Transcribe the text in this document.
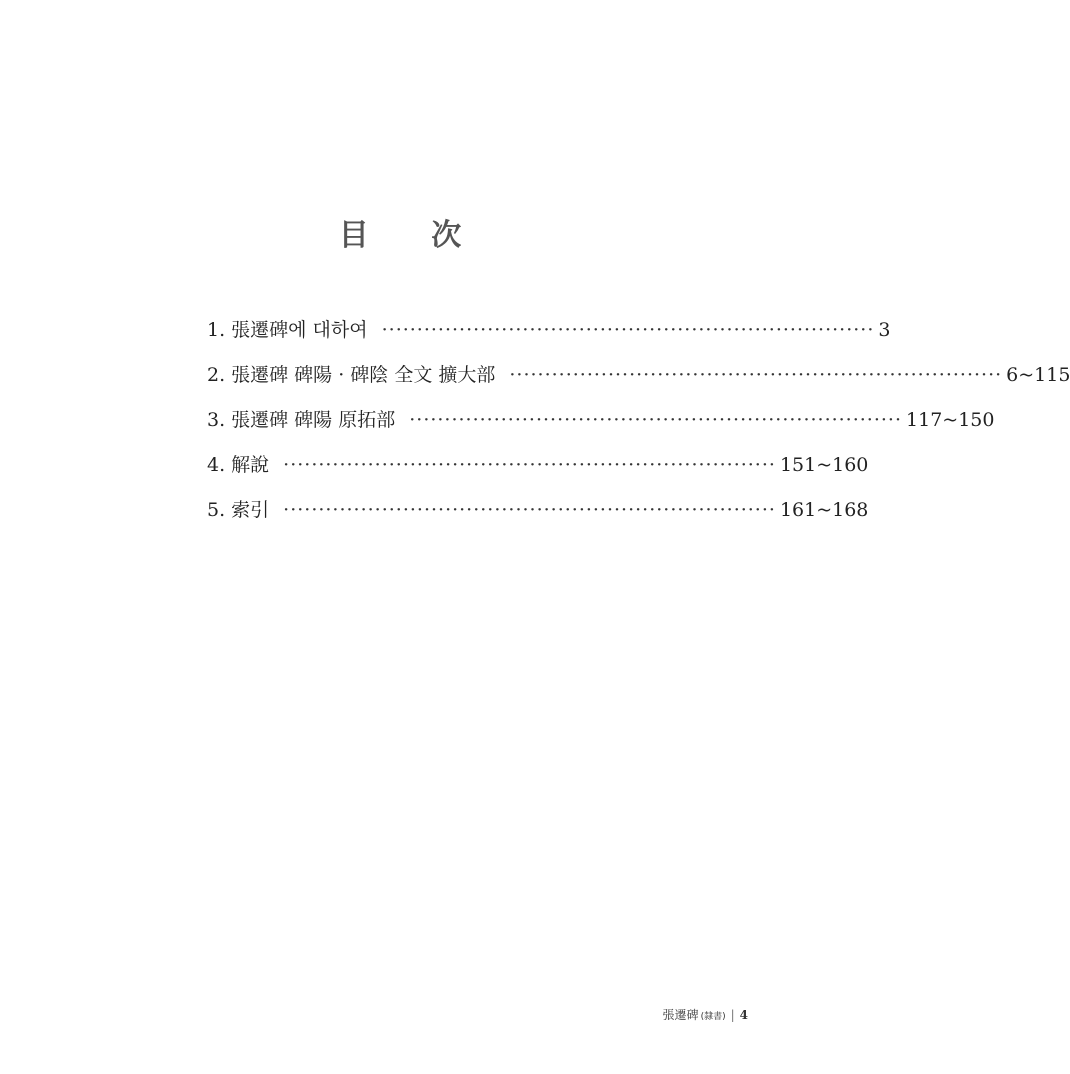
目 次
1. 張遷碑에 대하여 ······································································ 3
2. 張遷碑 碑陽 · 碑陰 全文 擴大部 ······································································ 6~115
3. 張遷碑 碑陽 原拓部 ······································································ 117~150
4. 解說 ······································································ 151~160
5. 索引 ······································································ 161~168
張遷碑 (隸書) | 4
